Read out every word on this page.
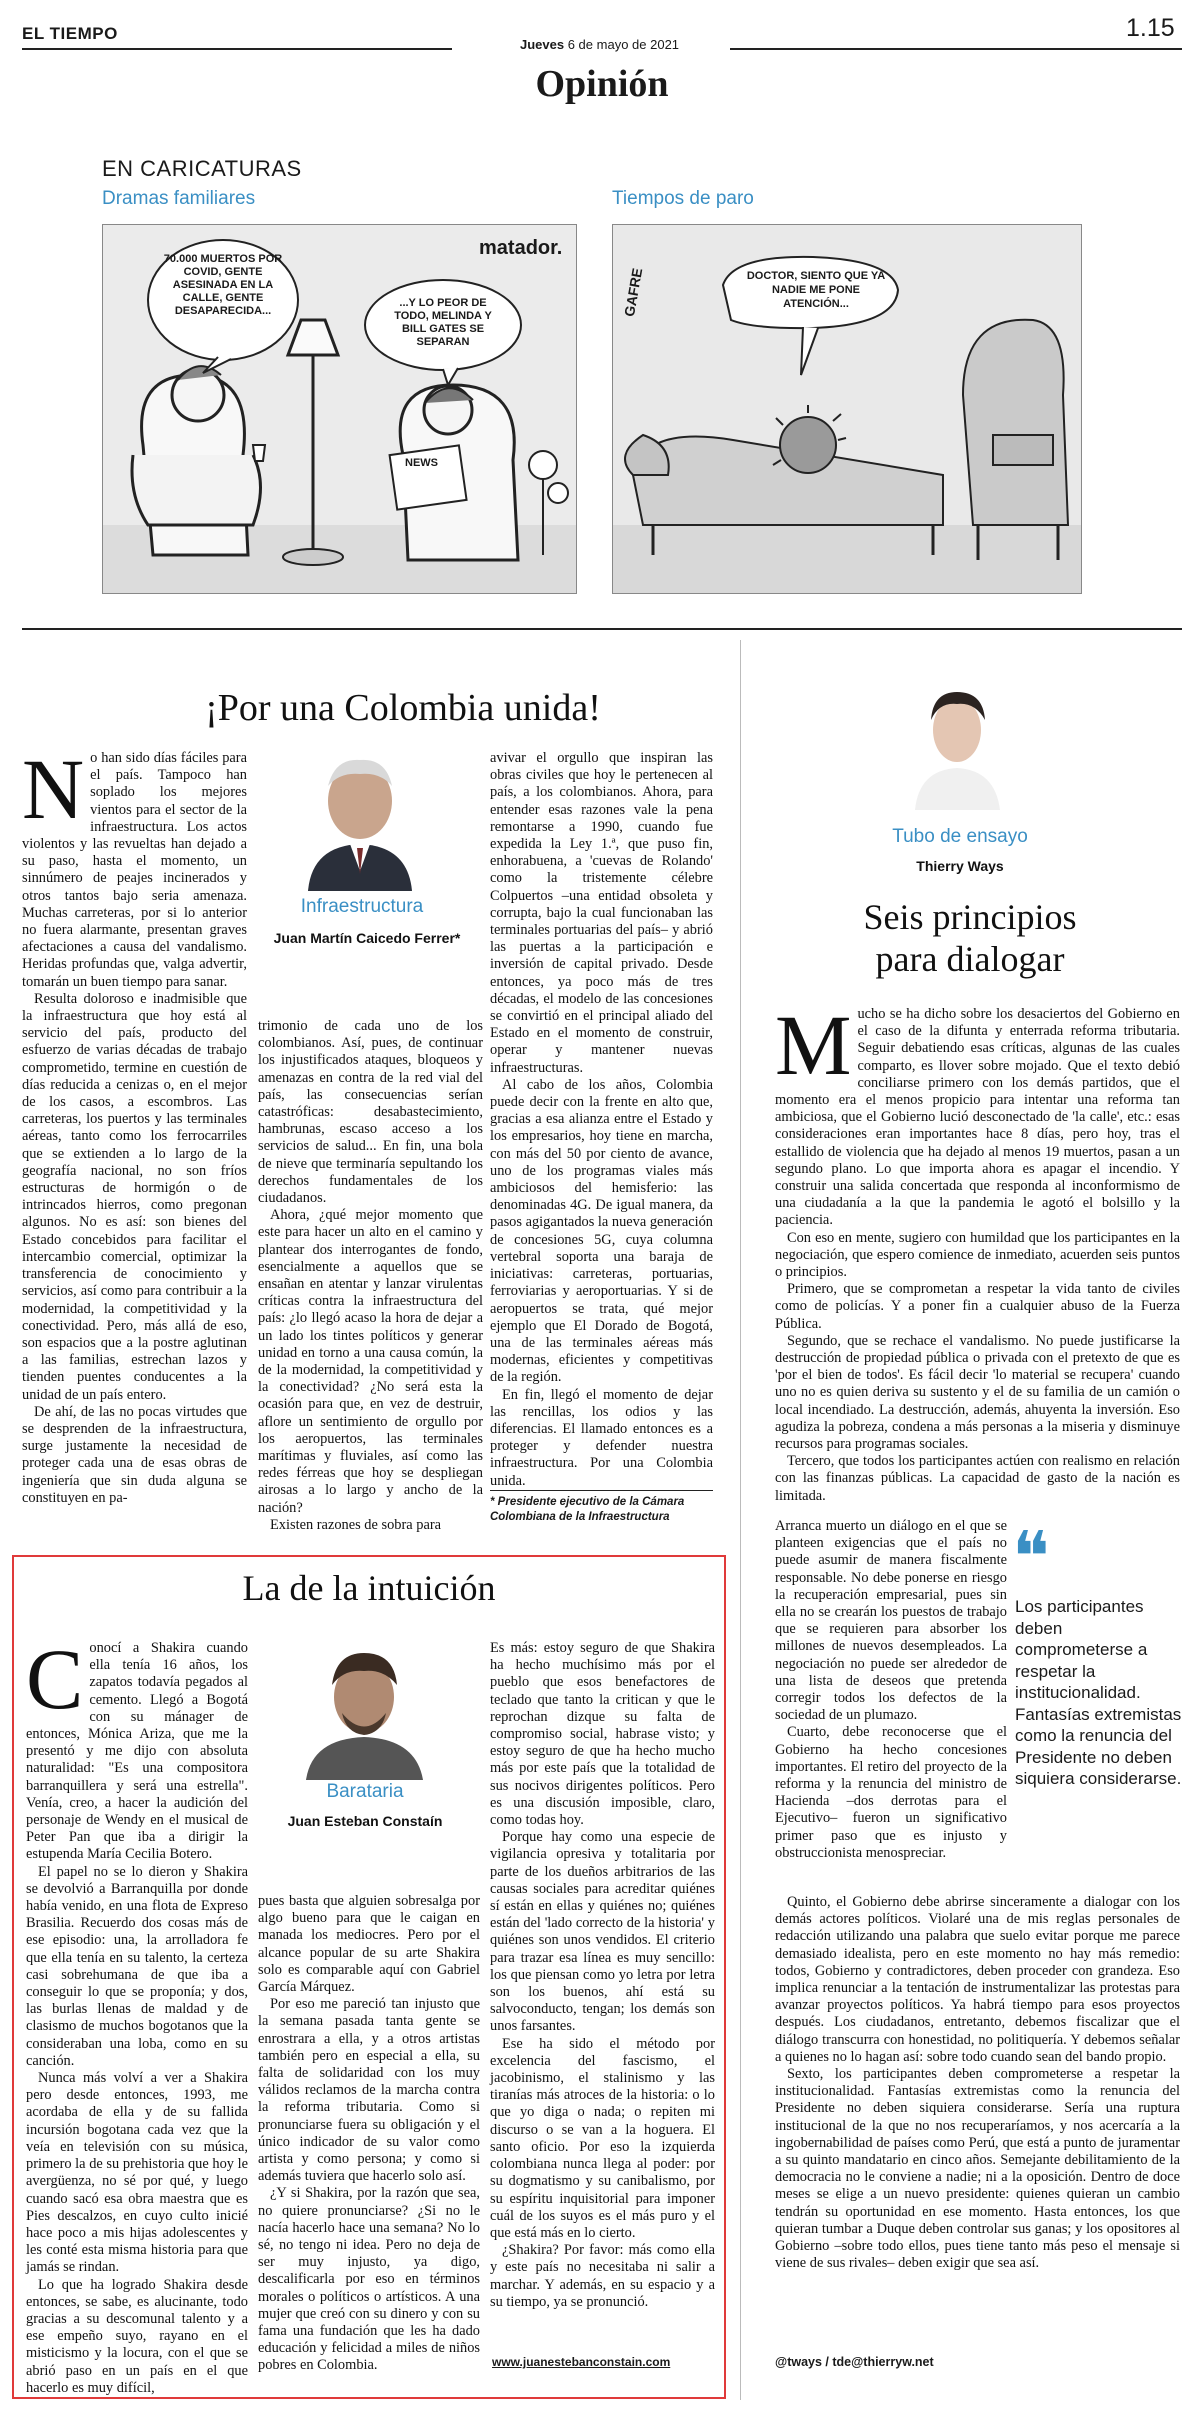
EL TIEMPO
Jueves 6 de mayo de 2021
1.15
Opinión
EN CARICATURAS
Dramas familiares	Tiempos de paro
70.000 MUERTOS POR COVID, GENTE ASESINADA EN LA CALLE, GENTE DESAPARECIDA...
...Y LO PEOR DE TODO, MELINDA Y BILL GATES SE SEPARAN
matador.
NEWS
DOCTOR, SIENTO QUE YA NADIE ME PONE ATENCIÓN...
GAFRE
¡Por una Colombia unida!
N o han sido días fáciles para el país. Tampoco han soplado los mejores vientos para el sector de la infraestructura. Los actos violentos y las revueltas han dejado a su paso, hasta el momento, un sinnúmero de peajes incinerados y otros tantos bajo seria amenaza. Muchas carreteras, por si lo anterior no fuera alarmante, presentan graves afectaciones a causa del vandalismo. Heridas profundas que, valga advertir, tomarán un buen tiempo para sanar.

Resulta doloroso e inadmisible que la infraestructura que hoy está al servicio del país, producto del esfuerzo de varias décadas de trabajo comprometido, termine en cuestión de días reducida a cenizas o, en el mejor de los casos, a escombros. Las carreteras, los puertos y las terminales aéreas, tanto como los ferrocarriles que se extienden a lo largo de la geografía nacional, no son fríos estructuras de hormigón o de intrincados hierros, como pregonan algunos. No es así: son bienes del Estado concebidos para facilitar el intercambio comercial, optimizar la transferencia de conocimiento y servicios, así como para contribuir a la modernidad, la competitividad y la conectividad. Pero, más allá de eso, son espacios que a la postre aglutinan a las familias, estrechan lazos y tienden puentes conducentes a la unidad de un país entero.

De ahí, de las no pocas virtudes que se desprenden de la infraestructura, surge justamente la necesidad de proteger cada una de esas obras de ingeniería que sin duda alguna se constituyen en pa-

Infraestructura
Juan Martín Caicedo Ferrer*

trimonio de cada uno de los colombianos. Así, pues, de continuar los injustificados ataques, bloqueos y amenazas en contra de la red vial del país, las consecuencias serían catastróficas: desabastecimiento, hambrunas, escaso acceso a los servicios de salud... En fin, una bola de nieve que terminaría sepultando los derechos fundamentales de los ciudadanos.

Ahora, ¿qué mejor momento que este para hacer un alto en el camino y plantear dos interrogantes de fondo, esencialmente a aquellos que se ensañan en atentar y lanzar virulentas críticas contra la infraestructura del país: ¿lo llegó acaso la hora de dejar a un lado los tintes políticos y generar unidad en torno a una causa común, la de la modernidad, la competitividad y la conectividad? ¿No será esta la ocasión para que, en vez de destruir, aflore un sentimiento de orgullo por los aeropuertos, las terminales marítimas y fluviales, así como las redes férreas que hoy se despliegan airosas a lo largo y ancho de la nación?

Existen razones de sobra para

avivar el orgullo que inspiran las obras civiles que hoy le pertenecen al país, a los colombianos. Ahora, para entender esas razones vale la pena remontarse a 1990, cuando fue expedida la Ley 1.ª, que puso fin, enhorabuena, a 'cuevas de Rolando' como la tristemente célebre Colpuertos –una entidad obsoleta y corrupta, bajo la cual funcionaban las terminales portuarias del país– y abrió las puertas a la participación e inversión de capital privado. Desde entonces, ya poco más de tres décadas, el modelo de las concesiones se convirtió en el principal aliado del Estado en el momento de construir, operar y mantener nuevas infraestructuras.

Al cabo de los años, Colombia puede decir con la frente en alto que, gracias a esa alianza entre el Estado y los empresarios, hoy tiene en marcha, con más del 50 por ciento de avance, uno de los programas viales más ambiciosos del hemisferio: las denominadas 4G. De igual manera, da pasos agigantados la nueva generación de concesiones 5G, cuya columna vertebral soporta una baraja de iniciativas: carreteras, portuarias, ferroviarias y aeroportuarias. Y si de aeropuertos se trata, qué mejor ejemplo que El Dorado de Bogotá, una de las terminales aéreas más modernas, eficientes y competitivas de la región.

En fin, llegó el momento de dejar las rencillas, los odios y las diferencias. El llamado entonces es a proteger y defender nuestra infraestructura. Por una Colombia unida.

* Presidente ejecutivo de la Cámara Colombiana de la Infraestructura
La de la intuición
C onocí a Shakira cuando ella tenía 16 años, los zapatos todavía pegados al cemento. Llegó a Bogotá con su mánager de entonces, Mónica Ariza, que me la presentó y me dijo con absoluta naturalidad: "Es una compositora barranquillera y será una estrella". Venía, creo, a hacer la audición del personaje de Wendy en el musical de Peter Pan que iba a dirigir la estupenda María Cecilia Botero.

El papel no se lo dieron y Shakira se devolvió a Barranquilla por donde había venido, en una flota de Expreso Brasilia. Recuerdo dos cosas más de ese episodio: una, la arrolladora fe que ella tenía en su talento, la certeza casi sobrehumana de que iba a conseguir lo que se proponía; y dos, las burlas llenas de maldad y de clasismo de muchos bogotanos que la consideraban una loba, como en su canción.

Nunca más volví a ver a Shakira pero desde entonces, 1993, me acordaba de ella y de su fallida incursión bogotana cada vez que la veía en televisión con su música, primero la de su prehistoria que hoy le avergüenza, no sé por qué, y luego cuando sacó esa obra maestra que es Pies descalzos, en cuyo culto inicié hace poco a mis hijas adolescentes y les conté esta misma historia para que jamás se rindan.

Lo que ha logrado Shakira desde entonces, se sabe, es alucinante, todo gracias a su descomunal talento y a ese empeño suyo, rayano en el misticismo y la locura, con el que se abrió paso en un país en el que hacerlo es muy difícil,

Barataria
Juan Esteban Constaín

pues basta que alguien sobresalga por algo bueno para que le caigan en manada los mediocres. Pero por el alcance popular de su arte Shakira solo es comparable aquí con Gabriel García Márquez.

Por eso me pareció tan injusto que la semana pasada tanta gente se enrostrara a ella, y a otros artistas también pero en especial a ella, su falta de solidaridad con los muy válidos reclamos de la marcha contra la reforma tributaria. Como si pronunciarse fuera su obligación y el único indicador de su valor como artista y como persona; y como si además tuviera que hacerlo solo así.

¿Y si Shakira, por la razón que sea, no quiere pronunciarse? ¿Si no le nacía hacerlo hace una semana? No lo sé, no tengo ni idea. Pero no deja de ser muy injusto, ya digo, descalificarla por eso en términos morales o políticos o artísticos. A una mujer que creó con su dinero y con su fama una fundación que les ha dado educación y felicidad a miles de niños pobres en Colombia.

Es más: estoy seguro de que Shakira ha hecho muchísimo más por el pueblo que esos benefactores de teclado que tanto la critican y que le reprochan dizque su falta de compromiso social, habrase visto; y estoy seguro de que ha hecho mucho más por este país que la totalidad de sus nocivos dirigentes políticos. Pero es una discusión imposible, claro, como todas hoy.

Porque hay como una especie de vigilancia opresiva y totalitaria por parte de los dueños arbitrarios de las causas sociales para acreditar quiénes sí están en ellas y quiénes no; quiénes están del 'lado correcto de la historia' y quiénes son unos vendidos. El criterio para trazar esa línea es muy sencillo: los que piensan como yo letra por letra son los buenos, ahí está su salvoconducto, tengan; los demás son unos farsantes.

Ese ha sido el método por excelencia del fascismo, el jacobinismo, el stalinismo y las tiranías más atroces de la historia: o lo que yo diga o nada; o repiten mi discurso o se van a la hoguera. El santo oficio. Por eso la izquierda colombiana nunca llega al poder: por su dogmatismo y su canibalismo, por su espíritu inquisitorial para imponer cuál de los suyos es el más puro y el que está más en lo cierto.

¿Shakira? Por favor: más como ella y este país no necesitaba ni salir a marchar. Y además, en su espacio y a su tiempo, ya se pronunció.

www.juanestebanconstain.com
Tubo de ensayo
Thierry Ways
Seis principios
para dialogar
M ucho se ha dicho sobre los desaciertos del Gobierno en el caso de la difunta y enterrada reforma tributaria. Seguir debatiendo esas críticas, algunas de las cuales comparto, es llover sobre mojado. Que el texto debió conciliarse primero con los demás partidos, que el momento era el menos propicio para intentar una reforma tan ambiciosa, que el Gobierno lució desconectado de 'la calle', etc.: esas consideraciones eran importantes hace 8 días, pero hoy, tras el estallido de violencia que ha dejado al menos 19 muertos, pasan a un segundo plano. Lo que importa ahora es apagar el incendio. Y construir una salida concertada que responda al inconformismo de una ciudadanía a la que la pandemia le agotó el bolsillo y la paciencia.

Con eso en mente, sugiero con humildad que los participantes en la negociación, que espero comience de inmediato, acuerden seis puntos o principios.

Primero, que se comprometan a respetar la vida tanto de civiles como de policías. Y a poner fin a cualquier abuso de la Fuerza Pública.

Segundo, que se rechace el vandalismo. No puede justificarse la destrucción de propiedad pública o privada con el pretexto de que es 'por el bien de todos'. Es fácil decir 'lo material se recupera' cuando uno no es quien deriva su sustento y el de su familia de un camión o local incendiado. La destrucción, además, ahuyenta la inversión. Eso agudiza la pobreza, condena a más personas a la miseria y disminuye recursos para programas sociales.

Tercero, que todos los participantes actúen con realismo en relación con las finanzas públicas. La capacidad de gasto de la nación es limitada.

Arranca muerto un diálogo en el que se planteen exigencias que el país no puede asumir de manera fiscalmente responsable. No debe ponerse en riesgo la recuperación empresarial, pues sin ella no se crearán los puestos de trabajo que se requieren para absorber los millones de nuevos desempleados. La negociación no puede ser alrededor de una lista de deseos que pretenda corregir todos los defectos de la sociedad de un plumazo.

Cuarto, debe reconocerse que el Gobierno ha hecho concesiones importantes. El retiro del proyecto de la reforma y la renuncia del ministro de Hacienda –dos derrotas para el Ejecutivo– fueron un significativo primer paso que es injusto y obstruccionista menospreciar.

❝
Los participantes deben comprometerse a respetar la institucionalidad. Fantasías extremistas como la renuncia del Presidente no deben siquiera considerarse.

Quinto, el Gobierno debe abrirse sinceramente a dialogar con los demás actores políticos. Violaré una de mis reglas personales de redacción utilizando una palabra que suelo evitar porque me parece demasiado idealista, pero en este momento no hay más remedio: todos, Gobierno y contradictores, deben proceder con grandeza. Eso implica renunciar a la tentación de instrumentalizar las protestas para avanzar proyectos políticos. Ya habrá tiempo para esos proyectos después. Los ciudadanos, entretanto, debemos fiscalizar que el diálogo transcurra con honestidad, no politiquería. Y debemos señalar a quienes no lo hagan así: sobre todo cuando sean del bando propio.

Sexto, los participantes deben comprometerse a respetar la institucionalidad. Fantasías extremistas como la renuncia del Presidente no deben siquiera considerarse. Sería una ruptura institucional de la que no nos recuperaríamos, y nos acercaría a la ingobernabilidad de países como Perú, que está a punto de juramentar a su quinto mandatario en cinco años. Semejante debilitamiento de la democracia no le conviene a nadie; ni a la oposición. Dentro de doce meses se elige a un nuevo presidente: quienes quieran un cambio tendrán su oportunidad en ese momento. Hasta entonces, los que quieran tumbar a Duque deben controlar sus ganas; y los opositores al Gobierno –sobre todo ellos, pues tiene tanto más peso el mensaje si viene de sus rivales– deben exigir que sea así.

@tways / tde@thierryw.net
